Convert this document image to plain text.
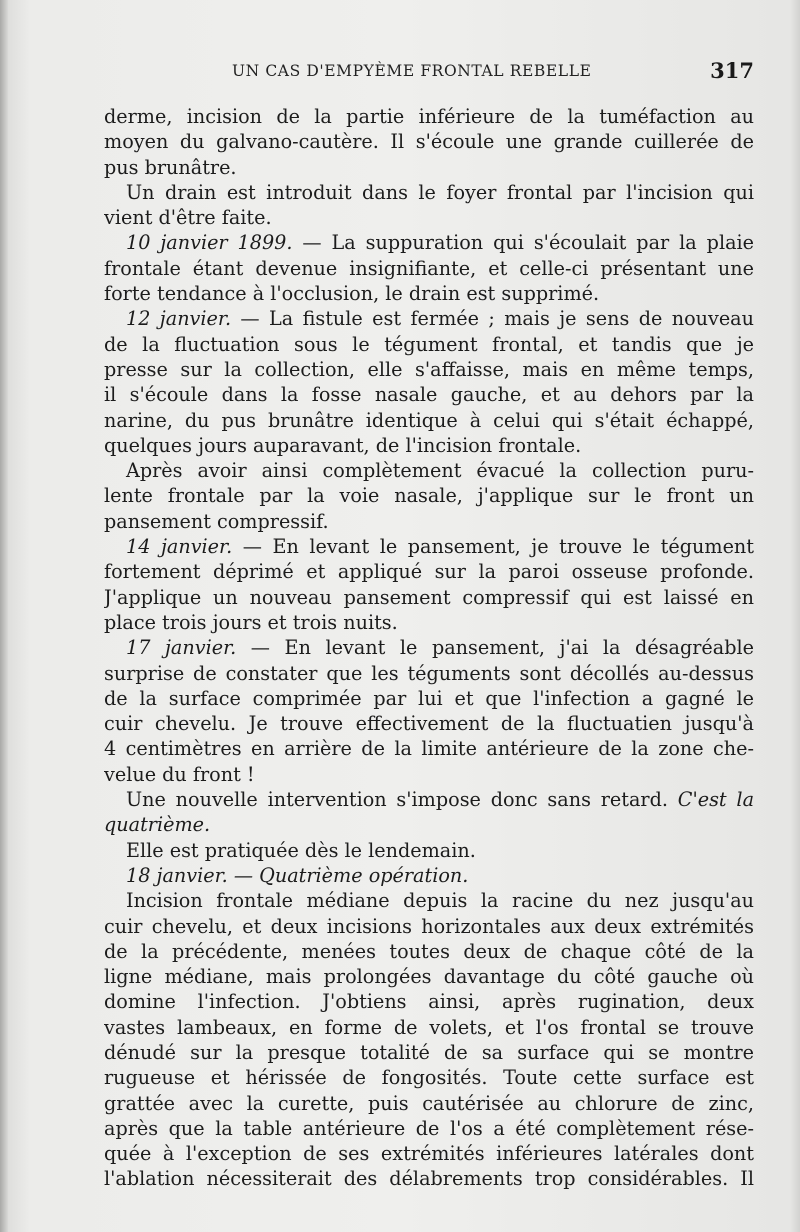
UN CAS D'EMPYÈME FRONTAL REBELLE	317
derme, incision de la partie inférieure de la tuméfaction au
moyen du galvano-cautère. Il s'écoule une grande cuillerée de
pus brunâtre.
Un drain est introduit dans le foyer frontal par l'incision qui
vient d'être faite.
10 janvier 1899. — La suppuration qui s'écoulait par la plaie
frontale étant devenue insignifiante, et celle-ci présentant une
forte tendance à l'occlusion, le drain est supprimé.
12 janvier. — La fistule est fermée ; mais je sens de nouveau
de la fluctuation sous le tégument frontal, et tandis que je
presse sur la collection, elle s'affaisse, mais en même temps,
il s'écoule dans la fosse nasale gauche, et au dehors par la
narine, du pus brunâtre identique à celui qui s'était échappé,
quelques jours auparavant, de l'incision frontale.
Après avoir ainsi complètement évacué la collection puru-
lente frontale par la voie nasale, j'applique sur le front un
pansement compressif.
14 janvier. — En levant le pansement, je trouve le tégument
fortement déprimé et appliqué sur la paroi osseuse profonde.
J'applique un nouveau pansement compressif qui est laissé en
place trois jours et trois nuits.
17 janvier. — En levant le pansement, j'ai la désagréable
surprise de constater que les téguments sont décollés au-dessus
de la surface comprimée par lui et que l'infection a gagné le
cuir chevelu. Je trouve effectivement de la fluctuatien jusqu'à
4 centimètres en arrière de la limite antérieure de la zone che-
velue du front !
Une nouvelle intervention s'impose donc sans retard. C'est la
quatrième.
Elle est pratiquée dès le lendemain.
18 janvier. — Quatrième opération.
Incision frontale médiane depuis la racine du nez jusqu'au
cuir chevelu, et deux incisions horizontales aux deux extrémités
de la précédente, menées toutes deux de chaque côté de la
ligne médiane, mais prolongées davantage du côté gauche où
domine l'infection. J'obtiens ainsi, après rugination, deux
vastes lambeaux, en forme de volets, et l'os frontal se trouve
dénudé sur la presque totalité de sa surface qui se montre
rugueuse et hérissée de fongosités. Toute cette surface est
grattée avec la curette, puis cautérisée au chlorure de zinc,
après que la table antérieure de l'os a été complètement rése-
quée à l'exception de ses extrémités inférieures latérales dont
l'ablation nécessiterait des délabrements trop considérables. Il
